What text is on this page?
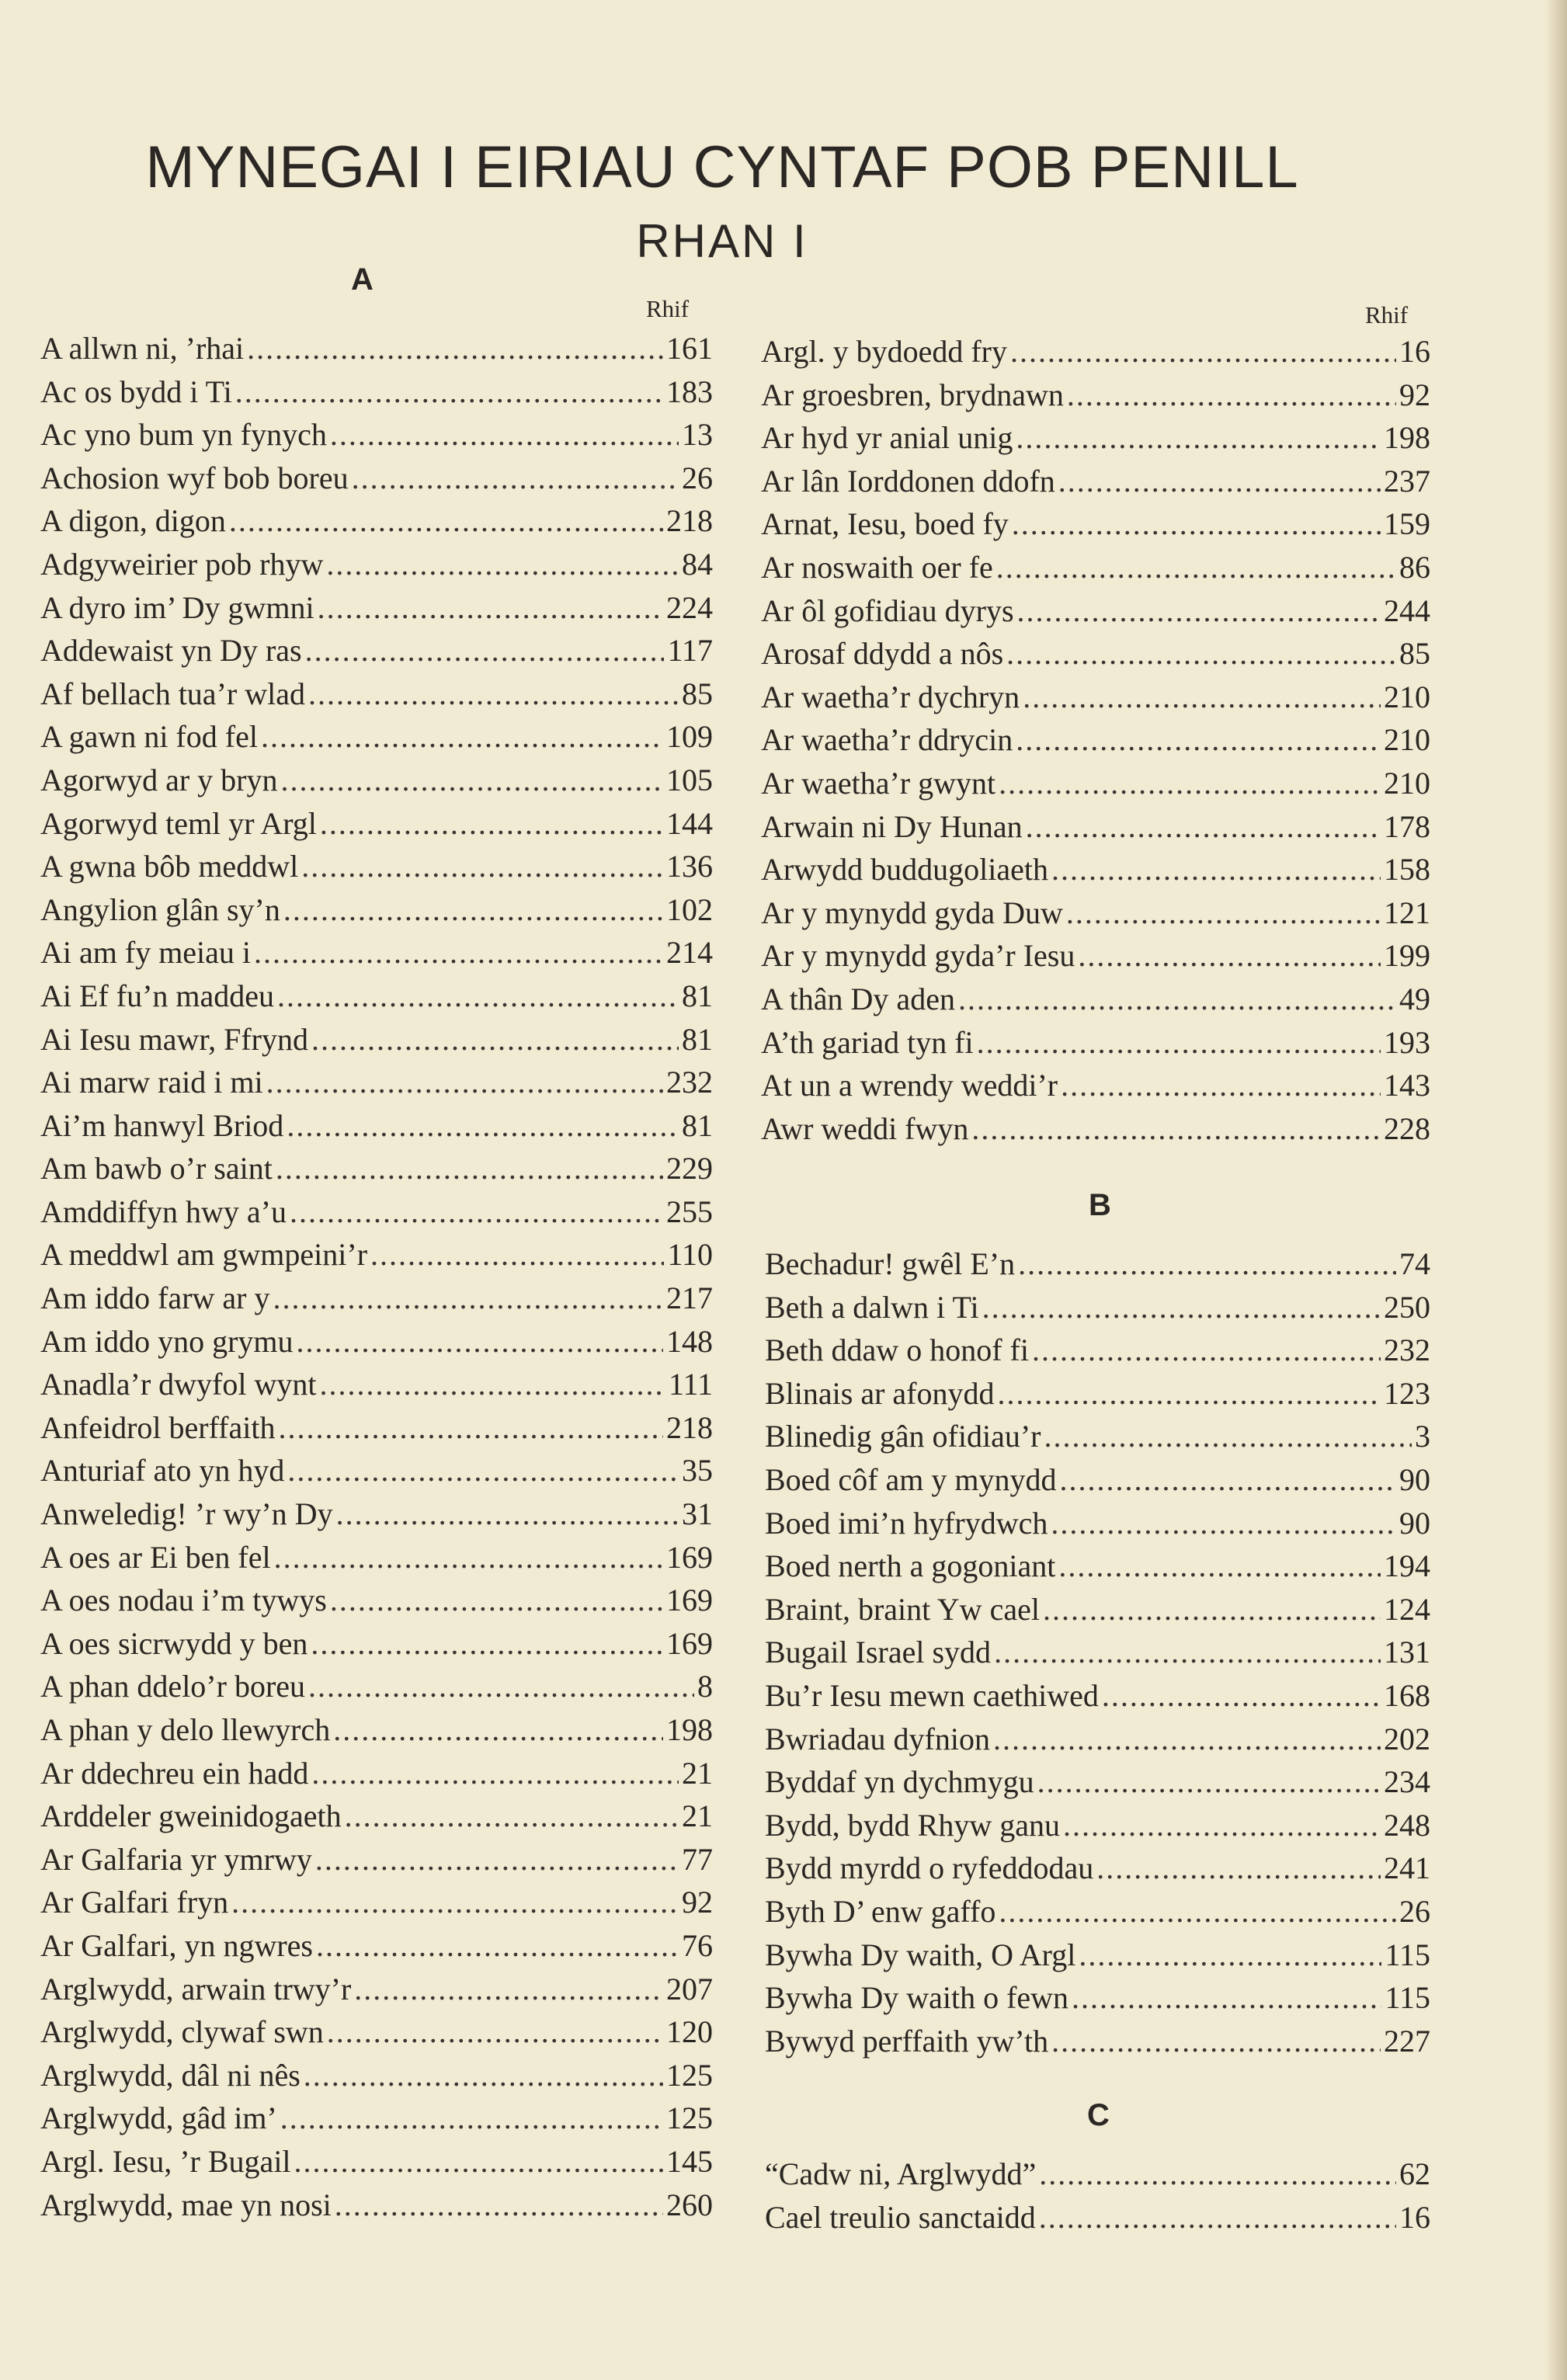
MYNEGAI I EIRIAU CYNTAF POB PENILL
RHAN I
A
Rhif	Rhif
A allwn ni, ’rhai .....	161
Ac os bydd i Ti .....	183
Ac yno bum yn fynych .....	13
Achosion wyf bob boreu .....	26
A digon, digon .....	218
Adgyweirier pob rhyw .....	84
A dyro im’ Dy gwmni .....	224
Addewaist yn Dy ras .....	117
Af bellach tua’r wlad .....	85
A gawn ni fod fel .....	109
Agorwyd ar y bryn .....	105
Agorwyd teml yr Argl .....	144
A gwna bôb meddwl .....	136
Angylion glân sy’n .....	102
Ai am fy meiau i .....	214
Ai Ef fu’n maddeu .....	81
Ai Iesu mawr, Ffrynd .....	81
Ai marw raid i mi .....	232
Ai’m hanwyl Briod .....	81
Am bawb o’r saint .....	229
Amddiffyn hwy a’u .....	255
A meddwl am gwmpeini’r .....	110
Am iddo farw ar y .....	217
Am iddo yno grymu .....	148
Anadla’r dwyfol wynt .....	111
Anfeidrol berffaith .....	218
Anturiaf ato yn hyd .....	35
Anweledig! ’r wy’n Dy .....	31
A oes ar Ei ben fel .....	169
A oes nodau i’m tywys .....	169
A oes sicrwydd y ben .....	169
A phan ddelo’r boreu .....	8
A phan y delo llewyrch .....	198
Ar ddechreu ein hadd .....	21
Arddeler gweinidogaeth .....	21
Ar Galfaria yr ymrwy .....	77
Ar Galfari fryn .....	92
Ar Galfari, yn ngwres .....	76
Arglwydd, arwain trwy’r .....	207
Arglwydd, clywaf swn .....	120
Arglwydd, dâl ni nês .....	125
Arglwydd, gâd im’ .....	125
Argl. Iesu, ’r Bugail .....	145
Arglwydd, mae yn nosi .....	260
Argl. y bydoedd fry .....	16
Ar groesbren, brydnawn .....	92
Ar hyd yr anial unig .....	198
Ar lân Iorddonen ddofn .....	237
Arnat, Iesu, boed fy .....	159
Ar noswaith oer fe .....	86
Ar ôl gofidiau dyrys .....	244
Arosaf ddydd a nôs .....	85
Ar waetha’r dychryn .....	210
Ar waetha’r ddrycin .....	210
Ar waetha’r gwynt .....	210
Arwain ni Dy Hunan .....	178
Arwydd buddugoliaeth .....	158
Ar y mynydd gyda Duw .....	121
Ar y mynydd gyda’r Iesu .....	199
A thân Dy aden .....	49
A’th gariad tyn fi .....	193
At un a wrendy weddi’r .....	143
Awr weddi fwyn .....	228
B
Bechadur! gwêl E’n .....	74
Beth a dalwn i Ti .....	250
Beth ddaw o honof fi .....	232
Blinais ar afonydd .....	123
Blinedig gân ofidiau’r .....	3
Boed côf am y mynydd .....	90
Boed imi’n hyfrydwch .....	90
Boed nerth a gogoniant .....	194
Braint, braint Yw cael .....	124
Bugail Israel sydd .....	131
Bu’r Iesu mewn caethiwed .....	168
Bwriadau dyfnion .....	202
Byddaf yn dychmygu .....	234
Bydd, bydd Rhyw ganu .....	248
Bydd myrdd o ryfeddodau .....	241
Byth D’ enw gaffo .....	26
Bywha Dy waith, O Argl .....	115
Bywha Dy waith o fewn .....	115
Bywyd perffaith yw’th .....	227
C
“Cadw ni, Arglwydd” .....	62
Cael treulio sanctaidd .....	16
